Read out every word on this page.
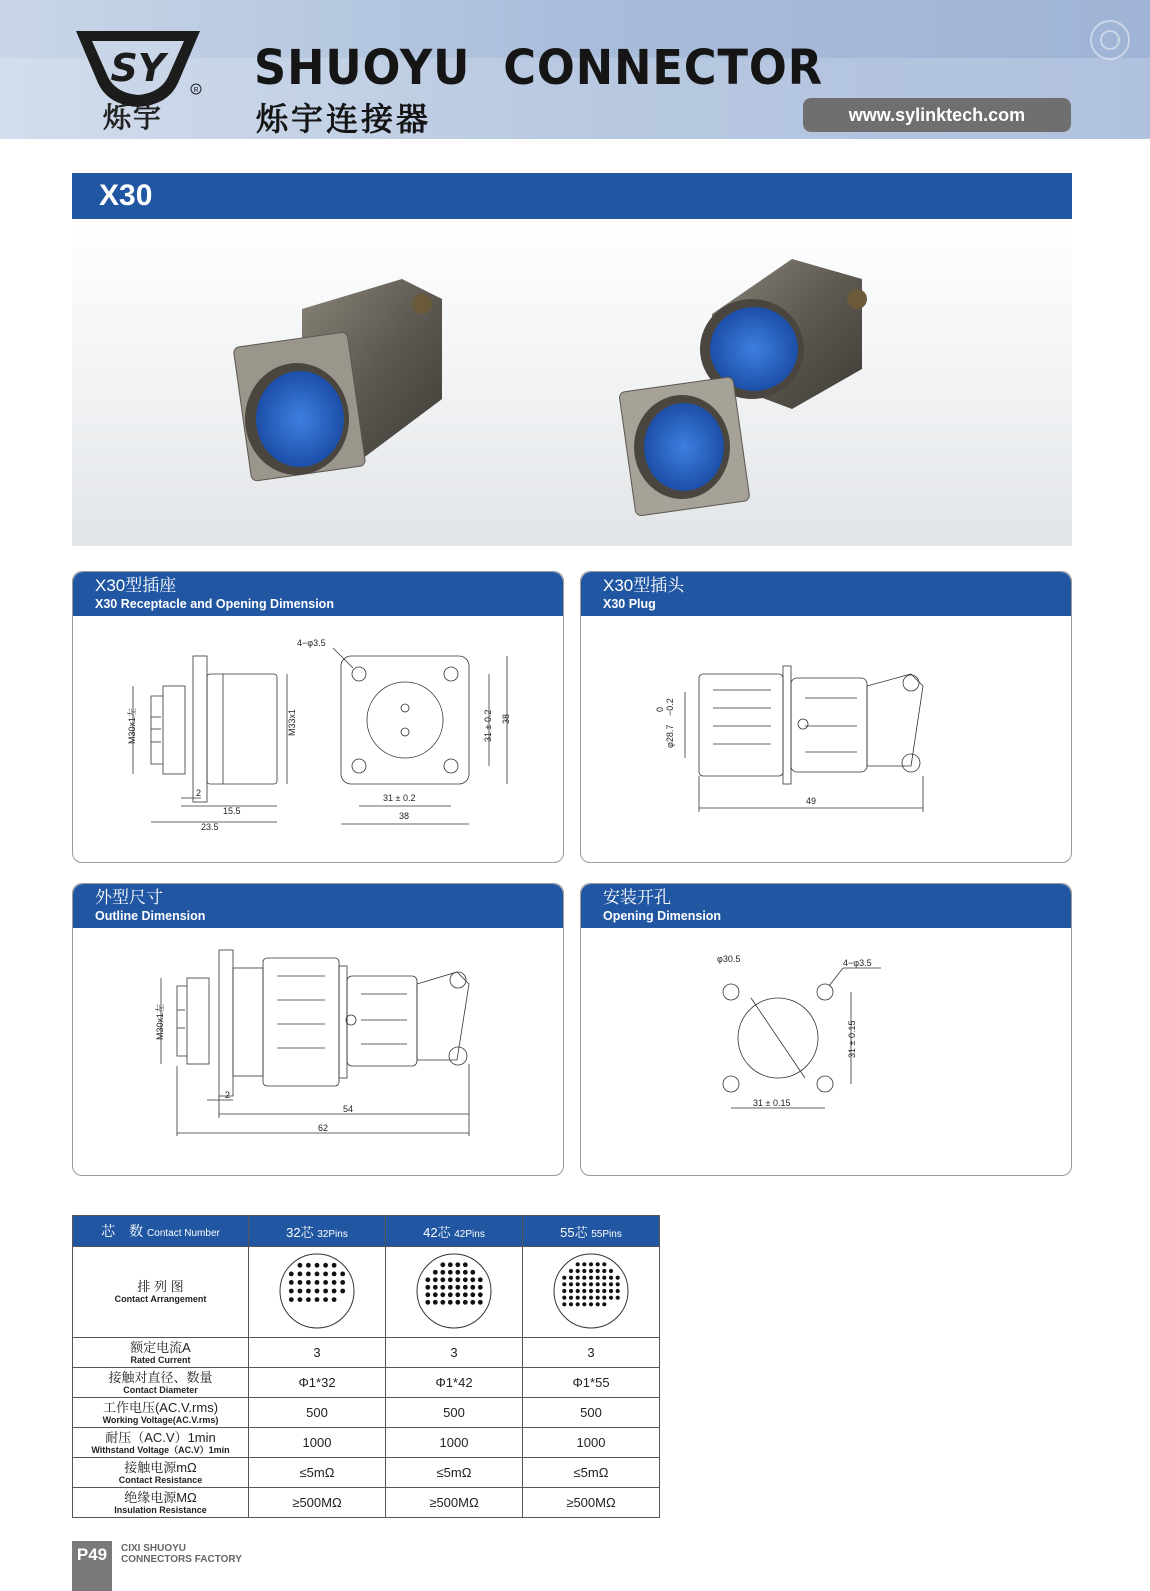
SY
R
烁宇
SHUOYU  CONNECTOR
烁宇连接器	www.sylinktech.com
X30
X30型插座
X30 Receptacle and Opening Dimension
M30x1左	M33x1
2
15.5
23.5
4−φ3.5
31 ± 0.2
38
31 ± 0.2 38
X30型插头
X30 Plug
φ28.7
0 −0.2
49
外型尺寸
Outline Dimension
M30x1左
2
54
62
安装开孔
Opening Dimension
φ30.5	4−φ3.5
31 ± 0.15
31 ± 0.15
芯　数 Contact Number	32芯 32Pins	42芯 42Pins	55芯 55Pins

排 列 图
Contact Arrangement

额定电流A
Rated Current	3	3	3

接触对直径、数量
Contact Diameter	Φ1*32	Φ1*42	Φ1*55

工作电压(AC.V.rms)
Working Voltage(AC.V.rms)	500	500	500

耐压（AC.V）1min
Withstand Voltage（AC.V）1min	1000	1000	1000

接触电源mΩ
Contact Resistance	≤5mΩ	≤5mΩ	≤5mΩ

绝缘电源MΩ
Insulation Resistance	≥500MΩ	≥500MΩ	≥500MΩ
P49	CIXI SHUOYU
CONNECTORS FACTORY
